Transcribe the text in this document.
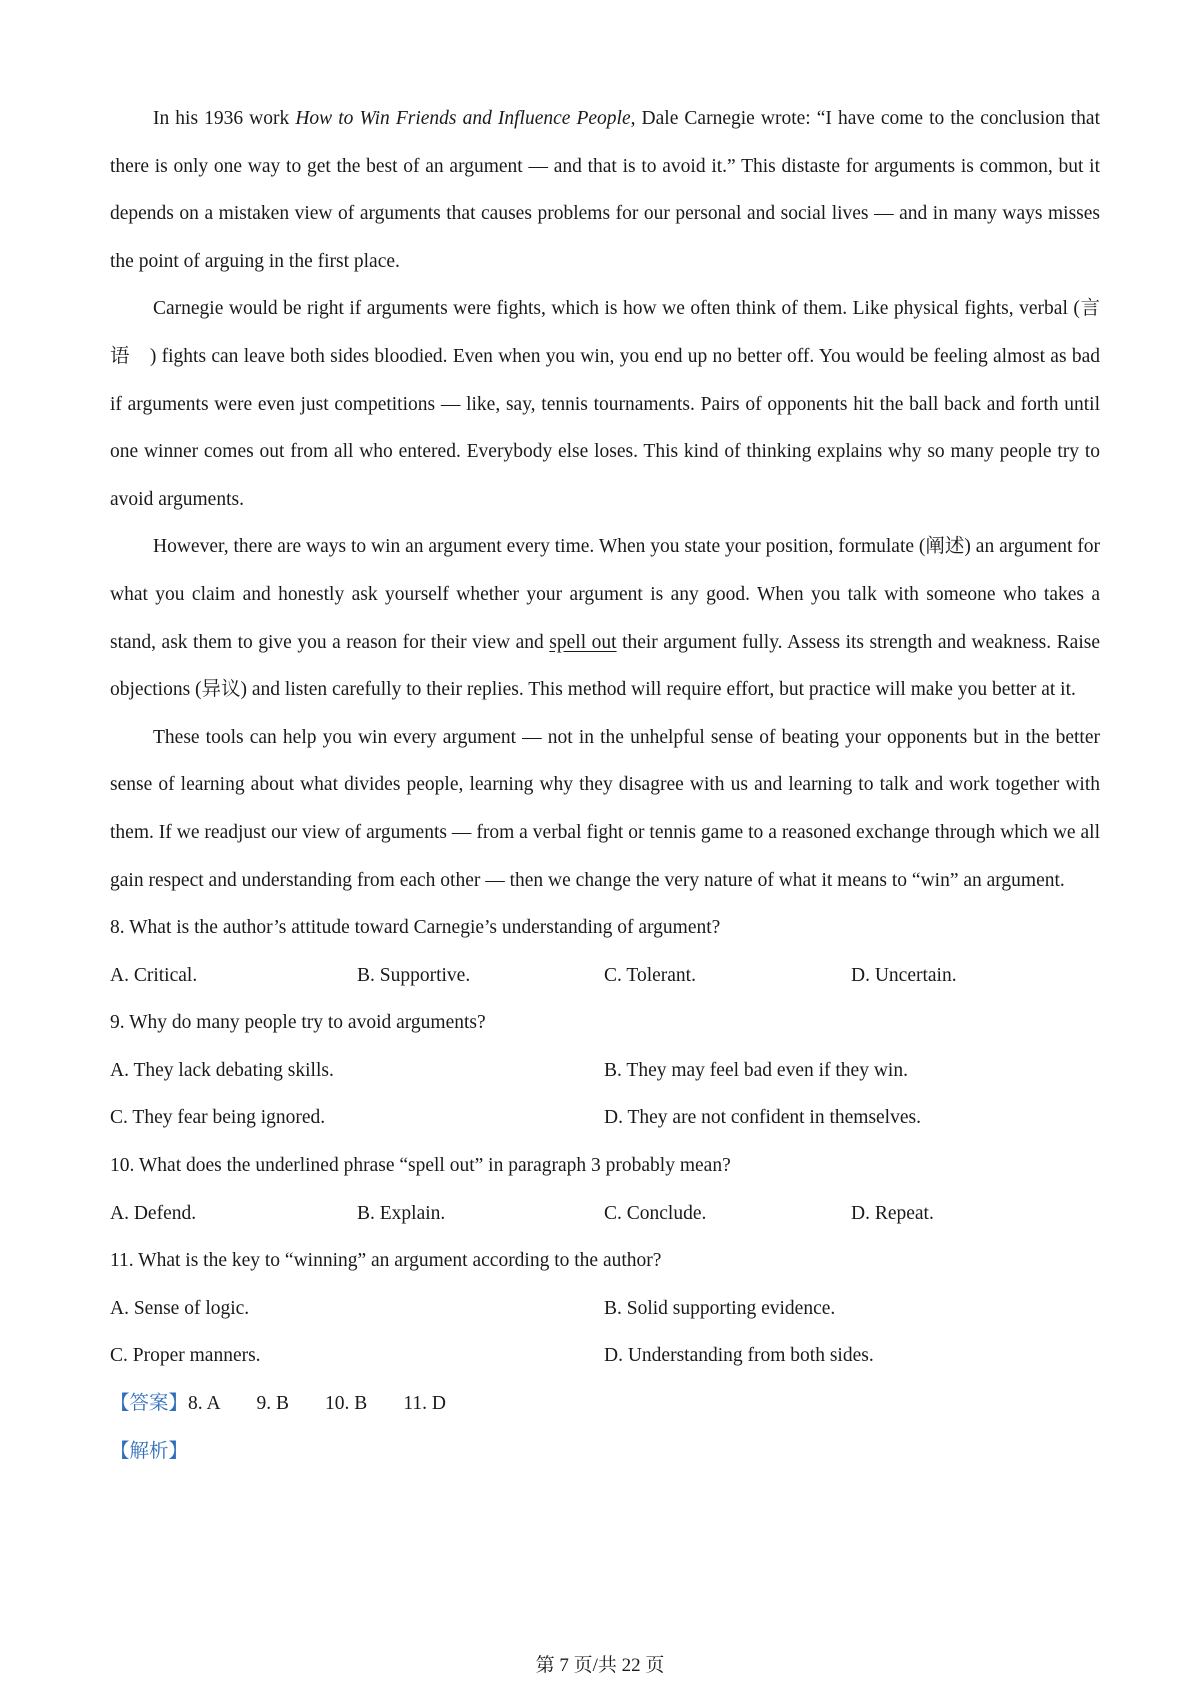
In his 1936 work How to Win Friends and Influence People, Dale Carnegie wrote: “I have come to the conclusion that there is only one way to get the best of an argument — and that is to avoid it.” This distaste for arguments is common, but it depends on a mistaken view of arguments that causes problems for our personal and social lives — and in many ways misses the point of arguing in the first place.

Carnegie would be right if arguments were fights, which is how we often think of them. Like physical fights, verbal (言语　) fights can leave both sides bloodied. Even when you win, you end up no better off. You would be feeling almost as bad if arguments were even just competitions — like, say, tennis tournaments. Pairs of opponents hit the ball back and forth until one winner comes out from all who entered. Everybody else loses. This kind of thinking explains why so many people try to avoid arguments.

However, there are ways to win an argument every time. When you state your position, formulate (阐述) an argument for what you claim and honestly ask yourself whether your argument is any good. When you talk with someone who takes a stand, ask them to give you a reason for their view and spell out their argument fully. Assess its strength and weakness. Raise objections (异议) and listen carefully to their replies. This method will require effort, but practice will make you better at it.

These tools can help you win every argument — not in the unhelpful sense of beating your opponents but in the better sense of learning about what divides people, learning why they disagree with us and learning to talk and work together with them. If we readjust our view of arguments — from a verbal fight or tennis game to a reasoned exchange through which we all gain respect and understanding from each other — then we change the very nature of what it means to “win” an argument.

8. What is the author’s attitude toward Carnegie’s understanding of argument?

A. Critical.	B. Supportive.	C. Tolerant.	D. Uncertain.

9. Why do many people try to avoid arguments?

A. They lack debating skills.	B. They may feel bad even if they win.
C. They fear being ignored.	D. They are not confident in themselves.

10. What does the underlined phrase “spell out” in paragraph 3 probably mean?

A. Defend.	B. Explain.	C. Conclude.	D. Repeat.

11. What is the key to “winning” an argument according to the author?

A. Sense of logic.	B. Solid supporting evidence.
C. Proper manners.	D. Understanding from both sides.

【答案】8. A 9. B 10. B 11. D

【解析】

第 7 页/共 22 页
